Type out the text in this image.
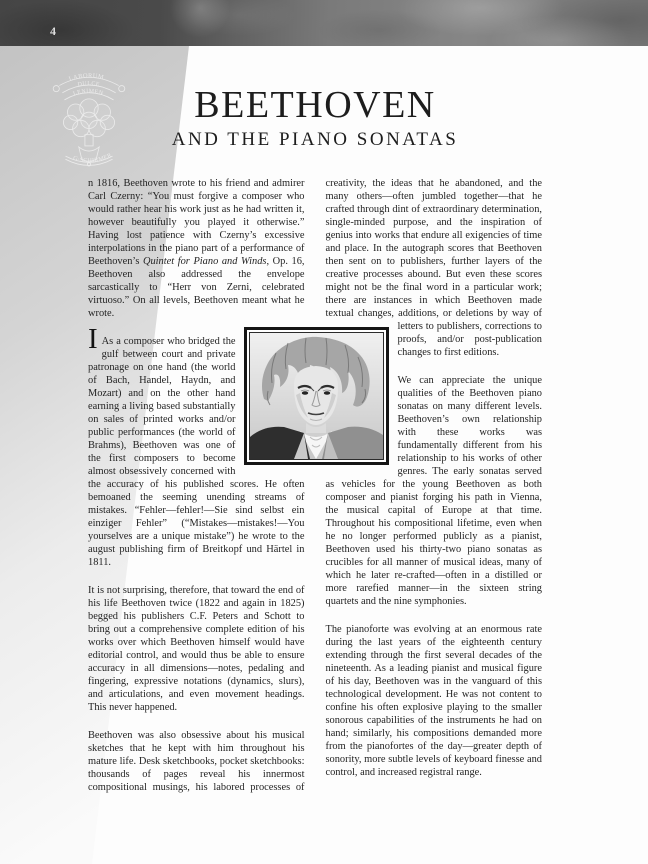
4
LABORUM
DULCE
LENIMEN
G·SCHIRMER
BEETHOVEN
AND THE PIANO SONATAS

I
n 1816, Beethoven wrote to his friend and admirer Carl Czerny: “You must forgive a composer who would rather hear his work just as he had written it, however beautifully you played it otherwise.” Having lost patience with Czerny’s excessive interpolations in the piano part of a performance of Beethoven’s Quintet for Piano and Winds, Op. 16, Beethoven also addressed the envelope sarcastically to “Herr von Zerni, celebrated virtuoso.” On all levels, Beethoven meant what he wrote.

As a composer who bridged the gulf between court and private patronage on one hand (the world of Bach, Handel, Haydn, and Mozart) and on the other hand earning a living based substantially on sales of printed works and/or public performances (the world of Brahms), Beethoven was one of the first composers to become almost obsessively concerned with the accuracy of his published scores. He often bemoaned the seeming unending streams of mistakes. “Fehler—fehler!—Sie sind selbst ein einziger Fehler” (“Mistakes—mistakes!—You yourselves are a unique mistake”) he wrote to the august publishing firm of Breitkopf und Härtel in 1811.

It is not surprising, therefore, that toward the end of his life Beethoven twice (1822 and again in 1825) begged his publishers C.F. Peters and Schott to bring out a comprehensive complete edition of his works over which Beethoven himself would have editorial control, and would thus be able to ensure accuracy in all dimensions—notes, pedaling and fingering, expressive notations (dynamics, slurs), and articulations, and even movement headings. This never happened.

Beethoven was also obsessive about his musical sketches that he kept with him throughout his mature life. Desk sketchbooks, pocket sketchbooks: thousands of pages reveal his innermost compositional musings, his labored processes of

creativity, the ideas that he abandoned, and the many others—often jumbled together—that he crafted through dint of extraordinary determination, single-minded purpose, and the inspiration of genius into works that endure all exigencies of time and place. In the autograph scores that Beethoven then sent on to publishers, further layers of the creative processes abound. But even these scores might not be the final word in a particular work; there are instances in which Beethoven made textual changes, additions, or deletions by way of letters to publishers, corrections to proofs, and/or post-publication changes to first editions.

We can appreciate the unique qualities of the Beethoven piano sonatas on many different levels. Beethoven’s own relationship with these works was fundamentally different from his relationship to his works of other genres. The early sonatas served as vehicles for the young Beethoven as both composer and pianist forging his path in Vienna, the musical capital of Europe at that time. Throughout his compositional lifetime, even when he no longer performed publicly as a pianist, Beethoven used his thirty-two piano sonatas as crucibles for all manner of musical ideas, many of which he later re-crafted—often in a distilled or more rarefied manner—in the sixteen string quartets and the nine symphonies.

The pianoforte was evolving at an enormous rate during the last years of the eighteenth century extending through the first several decades of the nineteenth. As a leading pianist and musical figure of his day, Beethoven was in the vanguard of this technological development. He was not content to confine his often explosive playing to the smaller sonorous capabilities of the instruments he had on hand; similarly, his compositions demanded more from the pianofortes of the day—greater depth of sonority, more subtle levels of keyboard finesse and control, and increased registral range.
